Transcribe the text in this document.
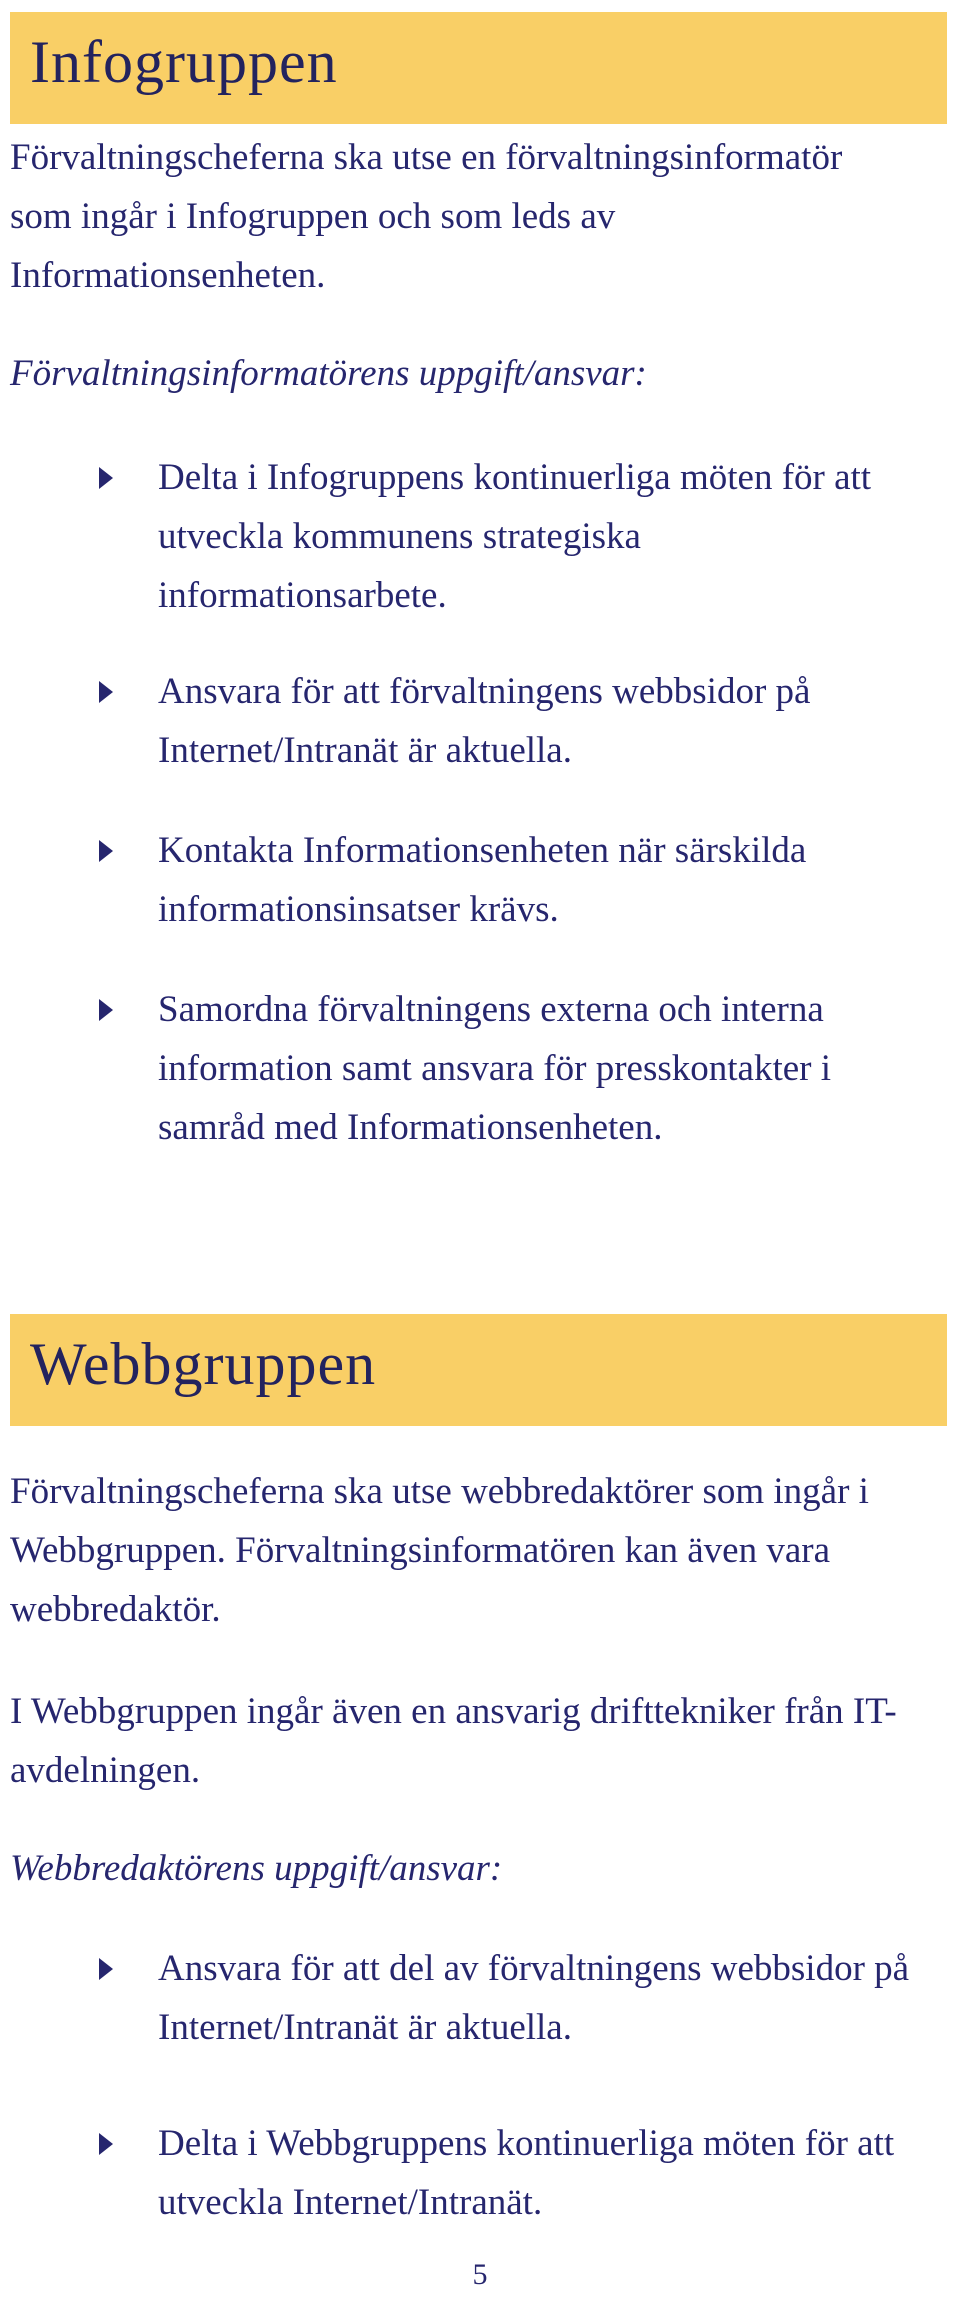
Infogruppen

Förvaltningscheferna ska utse en förvaltningsinformatör som ingår i Infogruppen och som leds av Informationsenheten.

Förvaltningsinformatörens uppgift/ansvar:

Delta i Infogruppens kontinuerliga möten för att utveckla kommunens strategiska informationsarbete.

Ansvara för att förvaltningens webbsidor på Internet/Intranät är aktuella.

Kontakta Informationsenheten när särskilda informationsinsatser krävs.

Samordna förvaltningens externa och interna information samt ansvara för presskontakter i samråd med Informationsenheten.

Webbgruppen

Förvaltningscheferna ska utse webbredaktörer som ingår i Webbgruppen. Förvaltningsinformatören kan även vara webbredaktör.

I Webbgruppen ingår även en ansvarig drifttekniker från IT-avdelningen.

Webbredaktörens uppgift/ansvar:

Ansvara för att del av förvaltningens webbsidor på Internet/Intranät är aktuella.

Delta i Webbgruppens kontinuerliga möten för att utveckla Internet/Intranät.

5
